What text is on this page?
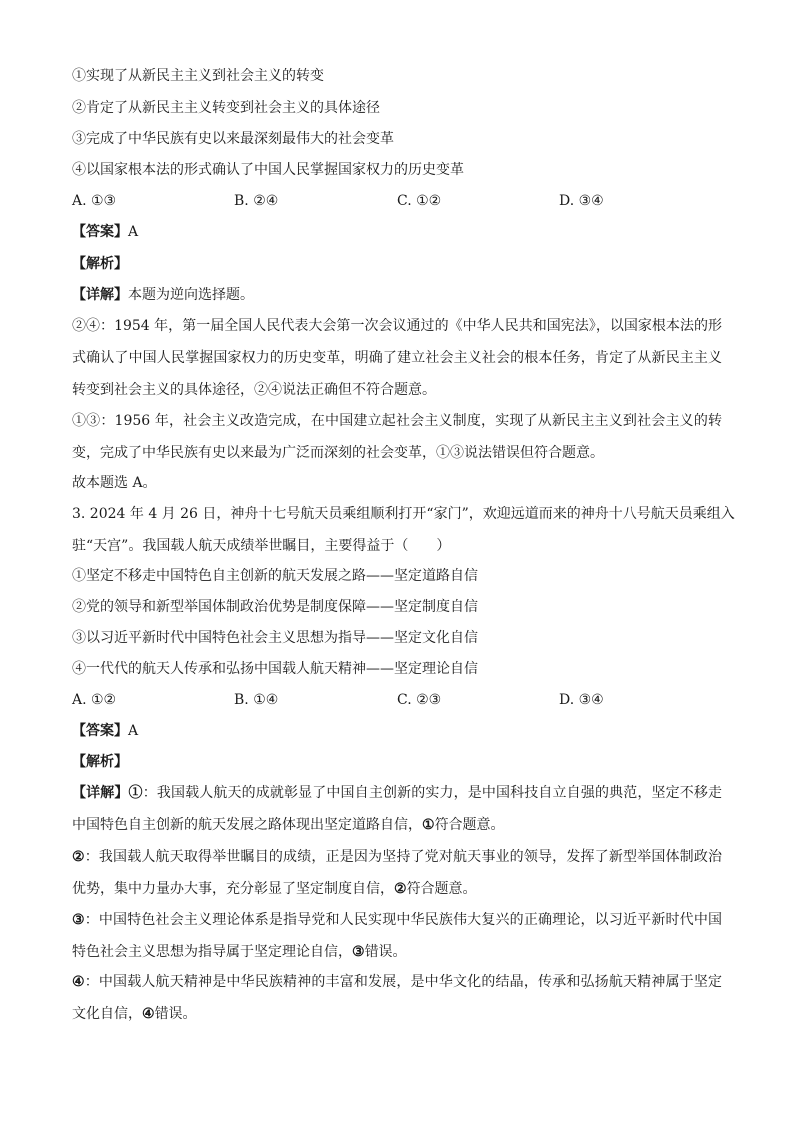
①实现了从新民主主义到社会主义的转变
②肯定了从新民主主义转变到社会主义的具体途径
③完成了中华民族有史以来最深刻最伟大的社会变革
④以国家根本法的形式确认了中国人民掌握国家权力的历史变革
A. ①③	B. ②④	C. ①②	D. ③④
【答案】A
【解析】
【详解】本题为逆向选择题。
②④：1954 年，第一届全国人民代表大会第一次会议通过的《中华人民共和国宪法》，以国家根本法的形
式确认了中国人民掌握国家权力的历史变革，明确了建立社会主义社会的根本任务，肯定了从新民主主义
转变到社会主义的具体途径，②④说法正确但不符合题意。
①③：1956 年，社会主义改造完成，在中国建立起社会主义制度，实现了从新民主主义到社会主义的转
变，完成了中华民族有史以来最为广泛而深刻的社会变革，①③说法错误但符合题意。
故本题选 A。
3. 2024 年 4 月 26 日，神舟十七号航天员乘组顺利打开“家门”，欢迎远道而来的神舟十八号航天员乘组入
驻“天宫”。我国载人航天成绩举世瞩目，主要得益于（　　）
①坚定不移走中国特色自主创新的航天发展之路——坚定道路自信
②党的领导和新型举国体制政治优势是制度保障——坚定制度自信
③以习近平新时代中国特色社会主义思想为指导——坚定文化自信
④一代代的航天人传承和弘扬中国载人航天精神——坚定理论自信
A. ①②	B. ①④	C. ②③	D. ③④
【答案】A
【解析】
【详解】①：我国载人航天的成就彰显了中国自主创新的实力，是中国科技自立自强的典范，坚定不移走
中国特色自主创新的航天发展之路体现出坚定道路自信，①符合题意。
②：我国载人航天取得举世瞩目的成绩，正是因为坚持了党对航天事业的领导，发挥了新型举国体制政治
优势，集中力量办大事，充分彰显了坚定制度自信，②符合题意。
③：中国特色社会主义理论体系是指导党和人民实现中华民族伟大复兴的正确理论，以习近平新时代中国
特色社会主义思想为指导属于坚定理论自信，③错误。
④：中国载人航天精神是中华民族精神的丰富和发展，是中华文化的结晶，传承和弘扬航天精神属于坚定
文化自信，④错误。
